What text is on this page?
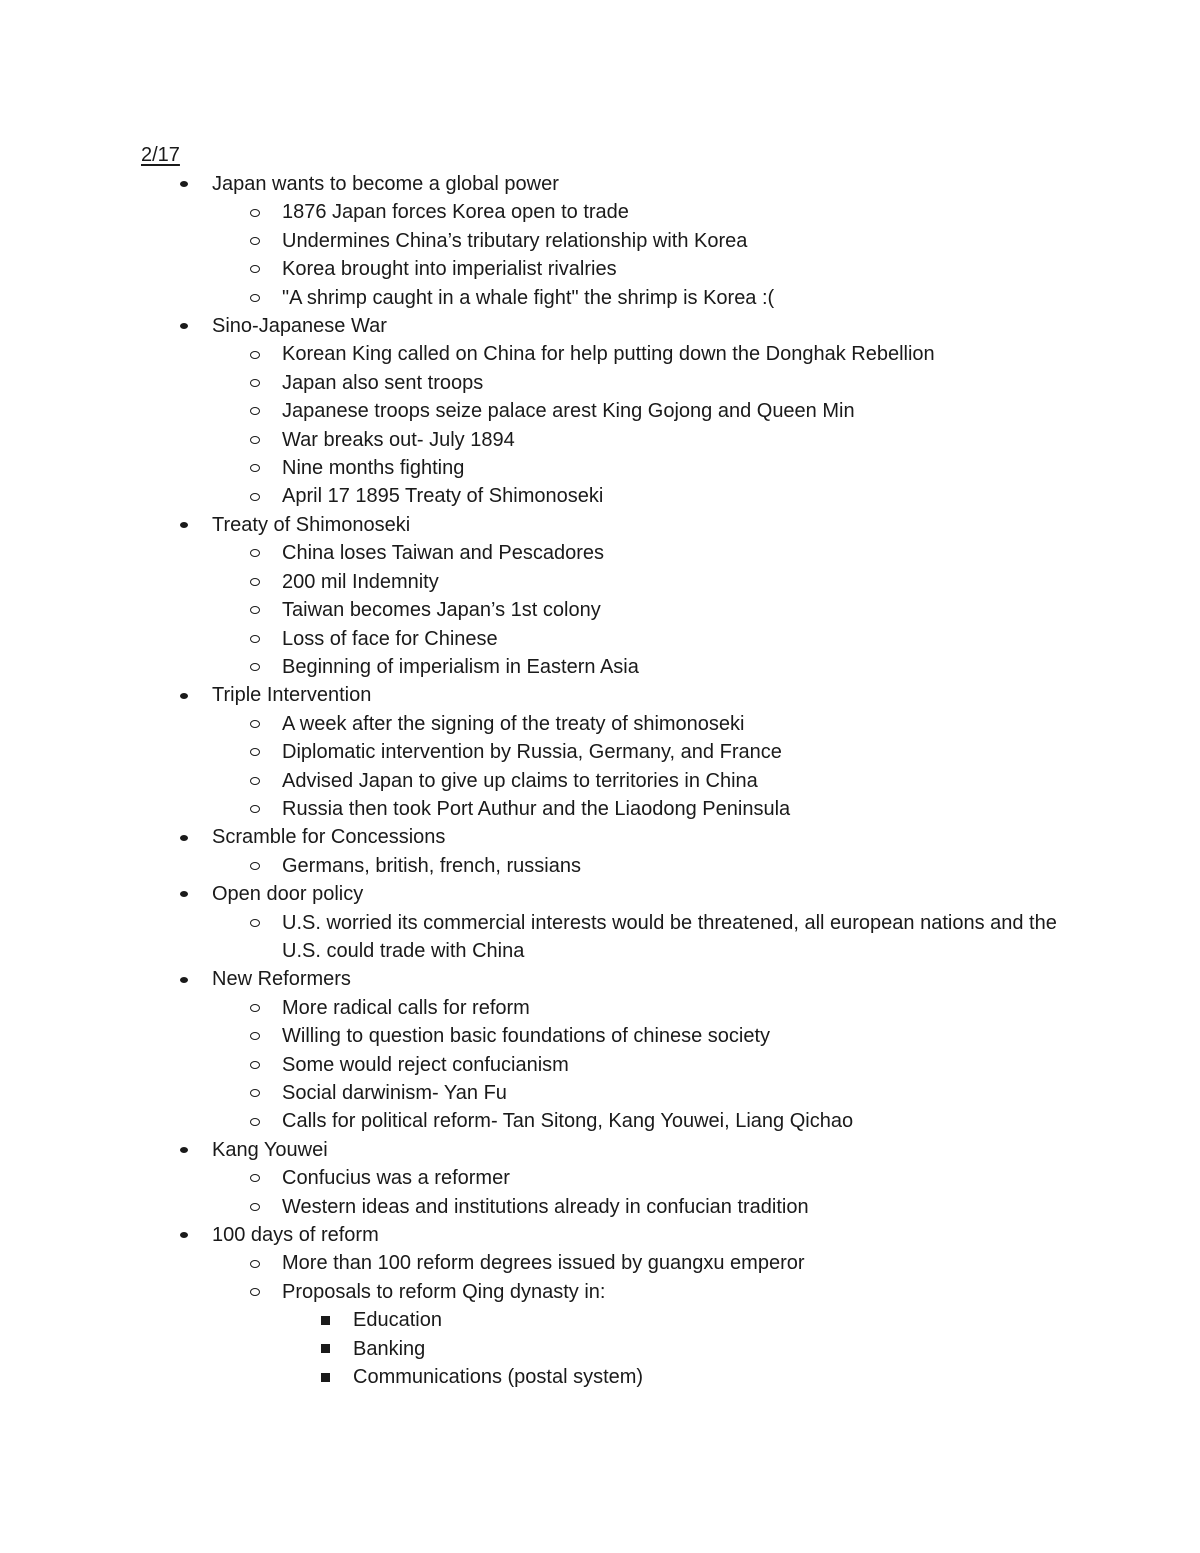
2/17
Japan wants to become a global power
1876 Japan forces Korea open to trade
Undermines China’s tributary relationship with Korea
Korea brought into imperialist rivalries
"A shrimp caught in a whale fight" the shrimp is Korea :(
Sino-Japanese War
Korean King called on China for help putting down the Donghak Rebellion
Japan also sent troops
Japanese troops seize palace arest King Gojong and Queen Min
War breaks out- July 1894
Nine months fighting
April 17 1895 Treaty of Shimonoseki
Treaty of Shimonoseki
China loses Taiwan and Pescadores
200 mil Indemnity
Taiwan becomes Japan’s 1st colony
Loss of face for Chinese
Beginning of imperialism in Eastern Asia
Triple Intervention
A week after the signing of the treaty of shimonoseki
Diplomatic intervention by Russia, Germany, and France
Advised Japan to give up claims to territories in China
Russia then took Port Authur and the Liaodong Peninsula
Scramble for Concessions
Germans, british, french, russians
Open door policy
U.S. worried its commercial interests would be threatened, all european nations and the U.S. could trade with China
New Reformers
More radical calls for reform
Willing to question basic foundations of chinese society
Some would reject confucianism
Social darwinism- Yan Fu
Calls for political reform- Tan Sitong, Kang Youwei, Liang Qichao
Kang Youwei
Confucius was a reformer
Western ideas and institutions already in confucian tradition
100 days of reform
More than 100 reform degrees issued by guangxu emperor
Proposals to reform Qing dynasty in:
Education
Banking
Communications (postal system)
